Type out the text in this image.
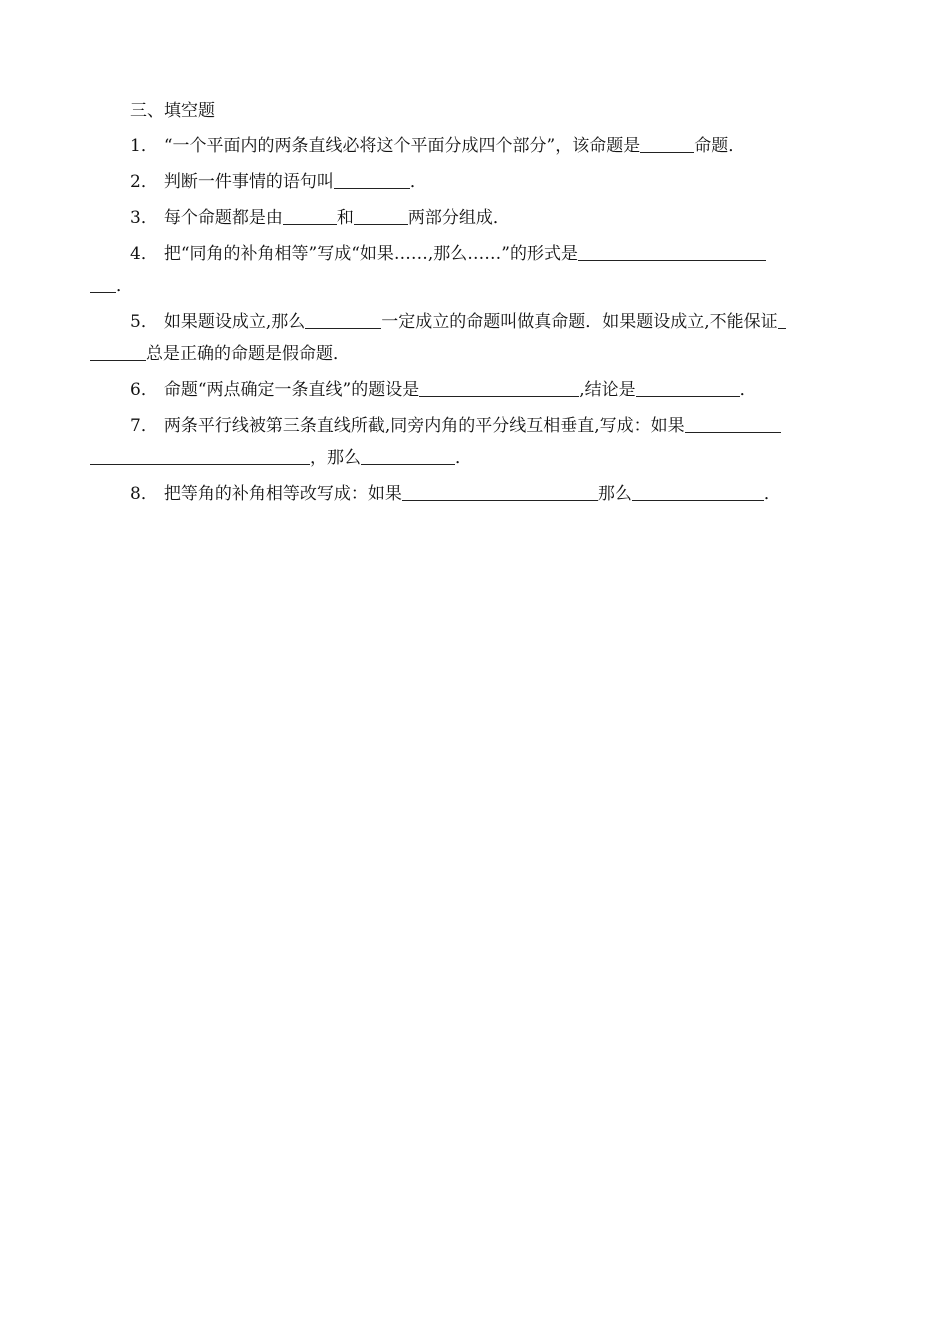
三、填空题

1． “一个平面内的两条直线必将这个平面分成四个部分”，该命题是	命题．

2． 判断一件事情的语句叫	．

3． 每个命题都是由	和	两部分组成．

4． 把“同角的补角相等”写成“如果……,那么……”的形式是
．

5． 如果题设成立,那么	一定成立的命题叫做真命题．如果题设成立,不能保证
总是正确的命题是假命题．

6． 命题“两点确定一条直线”的题设是	,结论是	．

7． 两条平行线被第三条直线所截,同旁内角的平分线互相垂直,写成：如果
，那么	．

8． 把等角的补角相等改写成：如果	那么	．
